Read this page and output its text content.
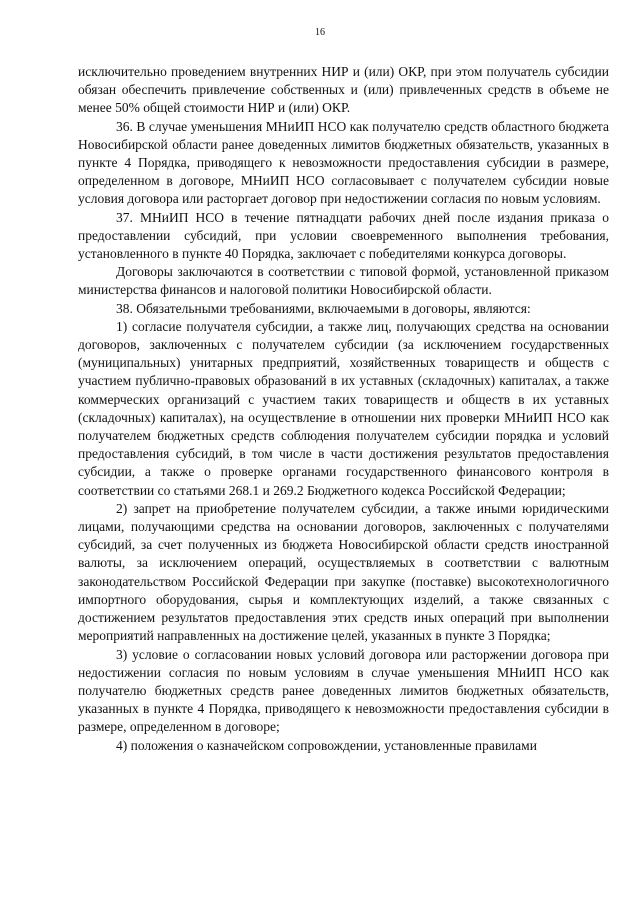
16

исключительно проведением внутренних НИР и (или) ОКР, при этом получатель субсидии обязан обеспечить привлечение собственных и (или) привлеченных средств в объеме не менее 50% общей стоимости НИР и (или) ОКР.

36. В случае уменьшения МНиИП НСО как получателю средств областного бюджета Новосибирской области ранее доведенных лимитов бюджетных обязательств, указанных в пункте 4 Порядка, приводящего к невозможности предоставления субсидии в размере, определенном в договоре, МНиИП НСО согласовывает с получателем субсидии новые условия договора или расторгает договор при недостижении согласия по новым условиям.

37. МНиИП НСО в течение пятнадцати рабочих дней после издания приказа о предоставлении субсидий, при условии своевременного выполнения требования, установленного в пункте 40 Порядка, заключает с победителями конкурса договоры.

Договоры заключаются в соответствии с типовой формой, установленной приказом министерства финансов и налоговой политики Новосибирской области.

38. Обязательными требованиями, включаемыми в договоры, являются:

1) согласие получателя субсидии, а также лиц, получающих средства на основании договоров, заключенных с получателем субсидии (за исключением государственных (муниципальных) унитарных предприятий, хозяйственных товариществ и обществ с участием публично-правовых образований в их уставных (складочных) капиталах, а также коммерческих организаций с участием таких товариществ и обществ в их уставных (складочных) капиталах), на осуществление в отношении них проверки МНиИП НСО как получателем бюджетных средств соблюдения получателем субсидии порядка и условий предоставления субсидий, в том числе в части достижения результатов предоставления субсидии, а также о проверке органами государственного финансового контроля в соответствии со статьями 268.1 и 269.2 Бюджетного кодекса Российской Федерации;

2) запрет на приобретение получателем субсидии, а также иными юридическими лицами, получающими средства на основании договоров, заключенных с получателями субсидий, за счет полученных из бюджета Новосибирской области средств иностранной валюты, за исключением операций, осуществляемых в соответствии с валютным законодательством Российской Федерации при закупке (поставке) высокотехнологичного импортного оборудования, сырья и комплектующих изделий, а также связанных с достижением результатов предоставления этих средств иных операций при выполнении мероприятий направленных на достижение целей, указанных в пункте 3 Порядка;

3) условие о согласовании новых условий договора или расторжении договора при недостижении согласия по новым условиям в случае уменьшения МНиИП НСО как получателю бюджетных средств ранее доведенных лимитов бюджетных обязательств, указанных в пункте 4 Порядка, приводящего к невозможности предоставления субсидии в размере, определенном в договоре;

4) положения о казначейском сопровождении, установленные правилами
